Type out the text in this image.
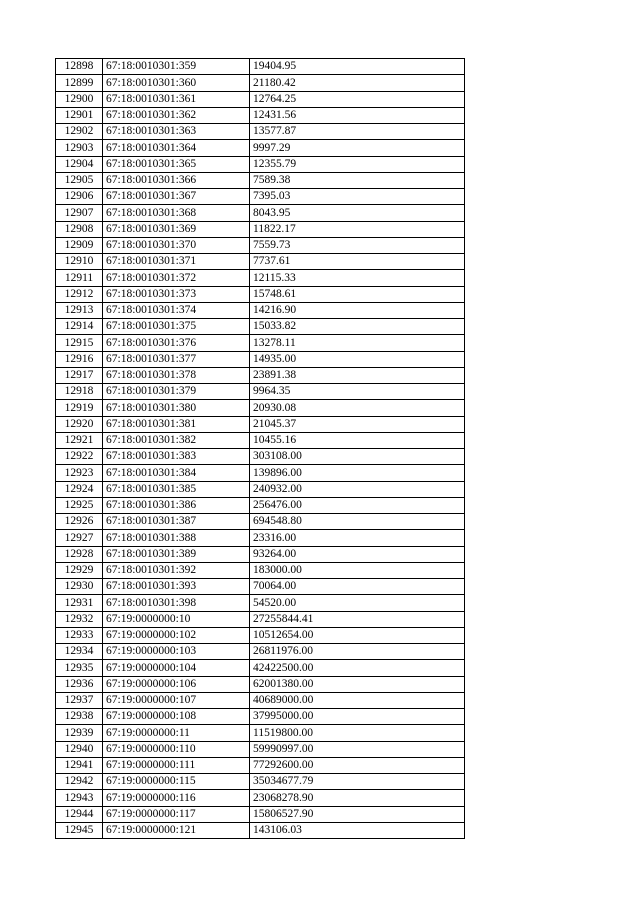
12898	67:18:0010301:359	19404.95
12899	67:18:0010301:360	21180.42
12900	67:18:0010301:361	12764.25
12901	67:18:0010301:362	12431.56
12902	67:18:0010301:363	13577.87
12903	67:18:0010301:364	9997.29
12904	67:18:0010301:365	12355.79
12905	67:18:0010301:366	7589.38
12906	67:18:0010301:367	7395.03
12907	67:18:0010301:368	8043.95
12908	67:18:0010301:369	11822.17
12909	67:18:0010301:370	7559.73
12910	67:18:0010301:371	7737.61
12911	67:18:0010301:372	12115.33
12912	67:18:0010301:373	15748.61
12913	67:18:0010301:374	14216.90
12914	67:18:0010301:375	15033.82
12915	67:18:0010301:376	13278.11
12916	67:18:0010301:377	14935.00
12917	67:18:0010301:378	23891.38
12918	67:18:0010301:379	9964.35
12919	67:18:0010301:380	20930.08
12920	67:18:0010301:381	21045.37
12921	67:18:0010301:382	10455.16
12922	67:18:0010301:383	303108.00
12923	67:18:0010301:384	139896.00
12924	67:18:0010301:385	240932.00
12925	67:18:0010301:386	256476.00
12926	67:18:0010301:387	694548.80
12927	67:18:0010301:388	23316.00
12928	67:18:0010301:389	93264.00
12929	67:18:0010301:392	183000.00
12930	67:18:0010301:393	70064.00
12931	67:18:0010301:398	54520.00
12932	67:19:0000000:10	27255844.41
12933	67:19:0000000:102	10512654.00
12934	67:19:0000000:103	26811976.00
12935	67:19:0000000:104	42422500.00
12936	67:19:0000000:106	62001380.00
12937	67:19:0000000:107	40689000.00
12938	67:19:0000000:108	37995000.00
12939	67:19:0000000:11	11519800.00
12940	67:19:0000000:110	59990997.00
12941	67:19:0000000:111	77292600.00
12942	67:19:0000000:115	35034677.79
12943	67:19:0000000:116	23068278.90
12944	67:19:0000000:117	15806527.90
12945	67:19:0000000:121	143106.03
